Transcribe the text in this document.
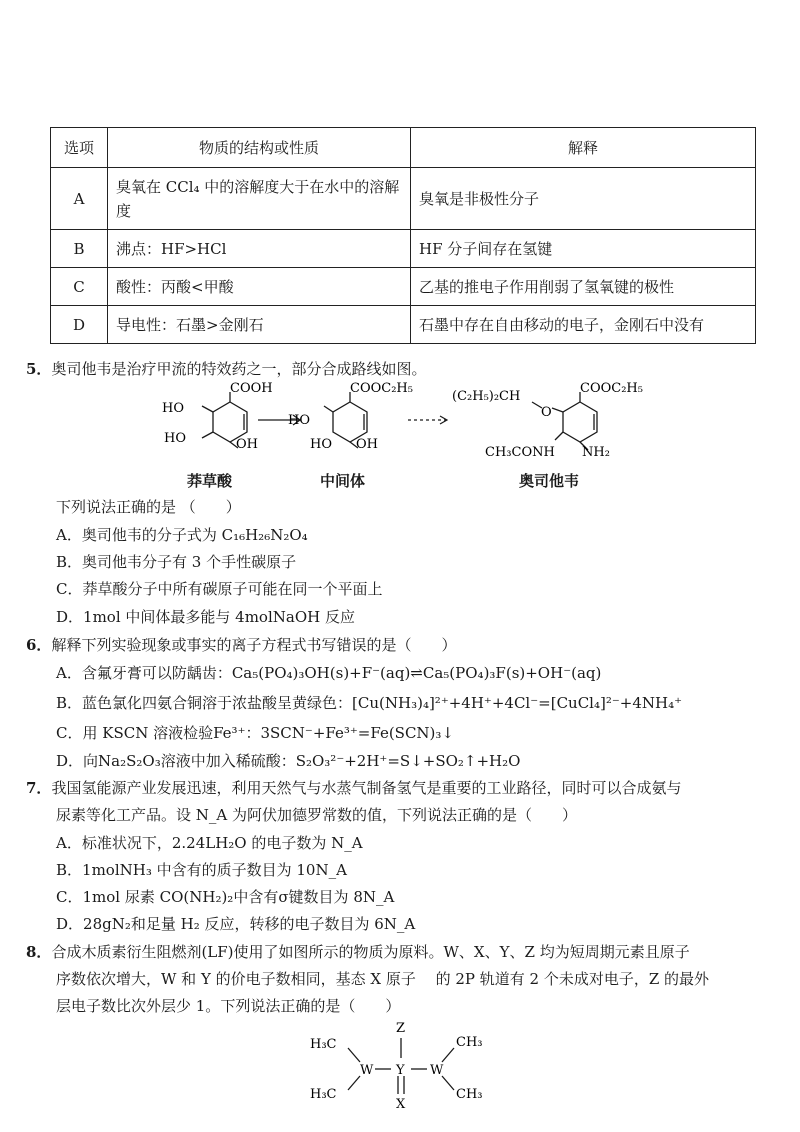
选项	物质的结构或性质	解释
A	臭氧在 CCl₄ 中的溶解度大于在水中的溶解度	臭氧是非极性分子
B	沸点：HF>HCl	HF 分子间存在氢键
C	酸性：丙酸<甲酸	乙基的推电子作用削弱了氢氧键的极性
D	导电性：石墨>金刚石	石墨中存在自由移动的电子，金刚石中没有
5．奥司他韦是治疗甲流的特效药之一，部分合成路线如图。
COOH
HO
HO	OH
COOC₂H₅
HO
HO OH
COOC₂H₅
(C₂H₅)₂CH
O
CH₃CONH NH₂
莽草酸	中间体	奥司他韦
下列说法正确的是 （　　）
A．奥司他韦的分子式为 C₁₆H₂₆N₂O₄
B．奥司他韦分子有 3 个手性碳原子
C．莽草酸分子中所有碳原子可能在同一个平面上
D．1mol 中间体最多能与 4molNaOH 反应
6．解释下列实验现象或事实的离子方程式书写错误的是（　　）
A．含氟牙膏可以防龋齿：Ca₅(PO₄)₃OH(s)+F⁻(aq)⇌Ca₅(PO₄)₃F(s)+OH⁻(aq)
B．蓝色氯化四氨合铜溶于浓盐酸呈黄绿色：[Cu(NH₃)₄]²⁺+4H⁺+4Cl⁻=[CuCl₄]²⁻+4NH₄⁺
C．用 KSCN 溶液检验Fe³⁺：3SCN⁻+Fe³⁺=Fe(SCN)₃↓
D．向Na₂S₂O₃溶液中加入稀硫酸：S₂O₃²⁻+2H⁺=S↓+SO₂↑+H₂O
7．我国氢能源产业发展迅速，利用天然气与水蒸气制备氢气是重要的工业路径，同时可以合成氨与
尿素等化工产品。设 N_A 为阿伏加德罗常数的值，下列说法正确的是（　　）
A．标准状况下，2.24LH₂O 的电子数为 N_A
B．1molNH₃ 中含有的质子数目为 10N_A
C．1mol 尿素 CO(NH₂)₂中含有σ键数目为 8N_A
D．28gN₂和足量 H₂ 反应，转移的电子数目为 6N_A
8．合成木质素衍生阻燃剂(LF)使用了如图所示的物质为原料。W、X、Y、Z 均为短周期元素且原子
序数依次增大，W 和 Y 的价电子数相同，基态 X 原子　 的 2P 轨道有 2 个未成对电子，Z 的最外
层电子数比次外层少 1。下列说法正确的是（　　）
Z
Y
X
W	W
H₃C
H₃C
CH₃
CH₃
